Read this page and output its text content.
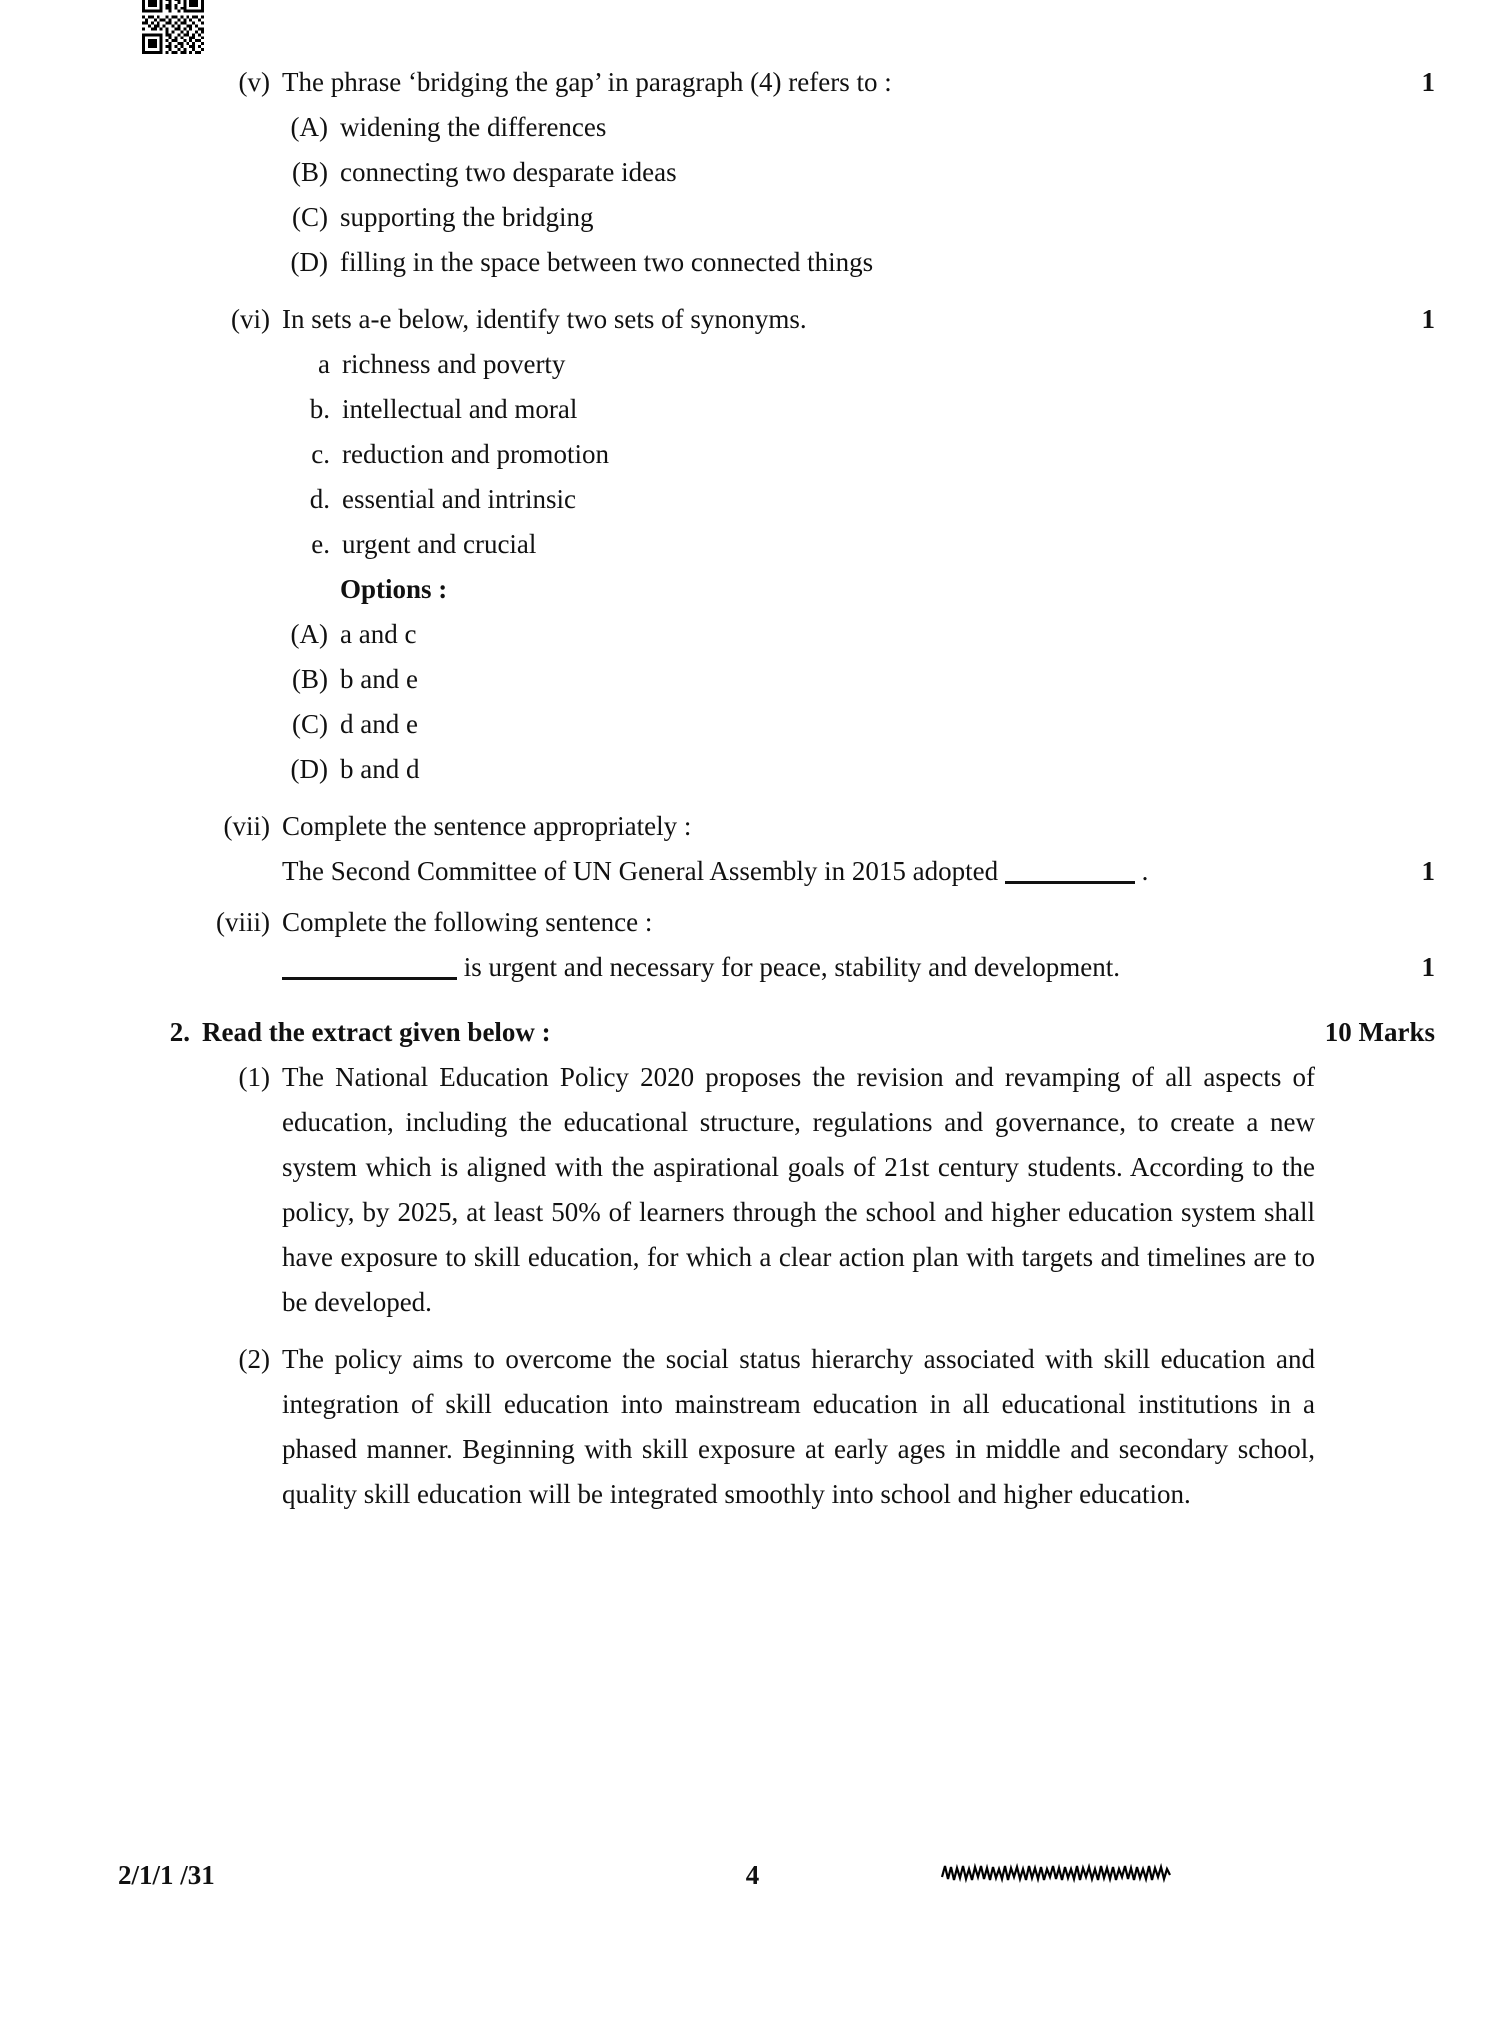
(v) The phrase ‘bridging the gap’ in paragraph (4) refers to :	1
(A) widening the differences
(B) connecting two desparate ideas
(C) supporting the bridging
(D) filling in the space between two connected things
(vi) In sets a-e below, identify two sets of synonyms.	1
a richness and poverty
b. intellectual and moral
c. reduction and promotion
d. essential and intrinsic
e. urgent and crucial
Options :
(A) a and c
(B) b and e
(C) d and e
(D) b and d
(vii) Complete the sentence appropriately :
The Second Committee of UN General Assembly in 2015 adopted	.	1
(viii) Complete the following sentence :
is urgent and necessary for peace, stability and development.	1
2. Read the extract given below :	10 Marks
(1) The National Education Policy 2020 proposes the revision and revamping of all aspects of education, including the educational structure, regulations and governance, to create a new system which is aligned with the aspirational goals of 21st century students. According to the policy, by 2025, at least 50% of learners through the school and higher education system shall have exposure to skill education, for which a clear action plan with targets and timelines are to be developed.
(2) The policy aims to overcome the social status hierarchy associated with skill education and integration of skill education into mainstream education in all educational institutions in a phased manner. Beginning with skill exposure at early ages in middle and secondary school, quality skill education will be integrated smoothly into school and higher education.
2/1/1 /31	4
